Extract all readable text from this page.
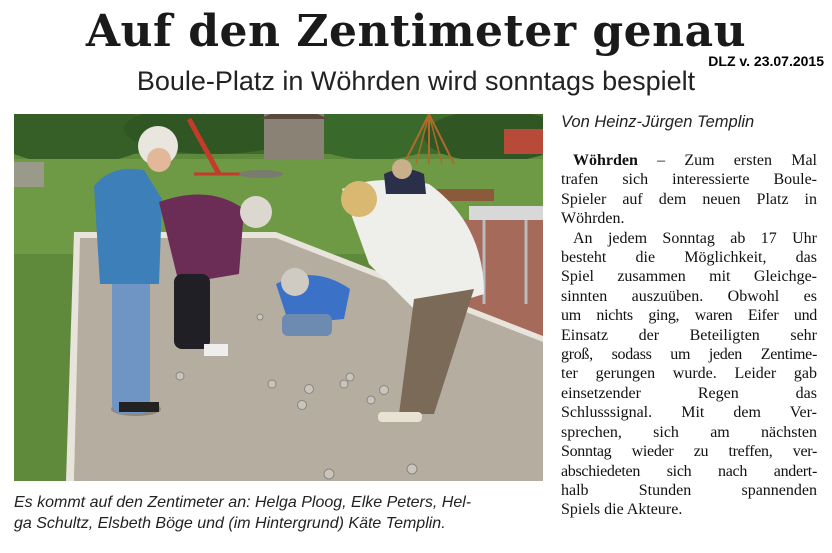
Auf den Zentimeter genau
Boule-Platz in Wöhrden wird sonntags bespielt
DLZ v. 23.07.2015
Es kommt auf den Zentimeter an: Helga Ploog, Elke Peters, Hel-
ga Schultz, Elsbeth Böge und (im Hintergrund) Käte Templin.
Von Heinz-Jürgen Templin
Wöhrden – Zum ersten Mal
trafen sich interessierte Boule-
Spieler auf dem neuen Platz in
Wöhrden.
An jedem Sonntag ab 17 Uhr
besteht die Möglichkeit, das
Spiel zusammen mit Gleichge-
sinnten auszuüben. Obwohl es
um nichts ging, waren Eifer und
Einsatz der Beteiligten sehr
groß, sodass um jeden Zentime-
ter gerungen wurde. Leider gab
einsetzender Regen das
Schlusssignal. Mit dem Ver-
sprechen, sich am nächsten
Sonntag wieder zu treffen, ver-
abschiedeten sich nach andert-
halb Stunden spannenden
Spiels die Akteure.
